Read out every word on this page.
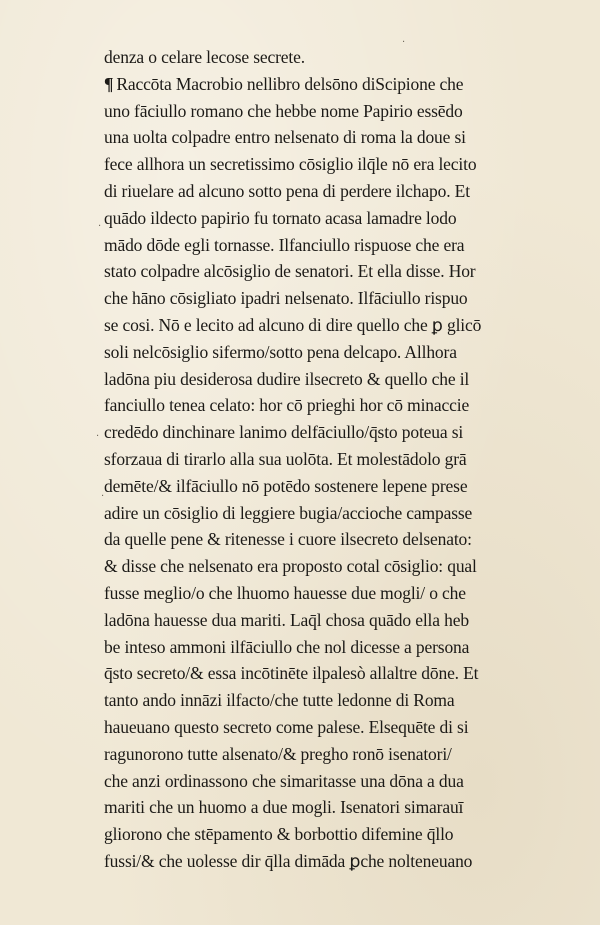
·
·
·
·
denza o celare lecose secrete.
¶ Raccōta Macrobio nellibro delsōno diScipione che
uno fāciullo romano che hebbe nome Papirio essēdo
una uolta colpadre entro nelsenato di roma la doue si
fece allhora un secretissimo cōsiglio ilq̄le nō era lecito
di riuelare ad alcuno sotto pena di perdere ilchapo. Et
quādo ildecto papirio fu tornato acasa lamadre lodo
mādo dōde egli tornasse. Ilfanciullo rispuose che era
stato colpadre alcōsiglio de senatori. Et ella disse. Hor
che hāno cōsigliato ipadri nelsenato. Ilfāciullo rispuo
se cosi. Nō e lecito ad alcuno di dire quello che ꝑ glicō
soli nelcōsiglio sifermo/sotto pena delcapo. Allhora
ladōna piu desiderosa dudire ilsecreto & quello che il
fanciullo tenea celato: hor cō prieghi hor cō minaccie
credēdo dinchinare lanimo delfāciullo/q̄sto poteua si
sforzaua di tirarlo alla sua uolōta. Et molestādolo grā
demēte/& ilfāciullo nō potēdo sostenere lepene prese
adire un cōsiglio di leggiere bugia/accioche campasse
da quelle pene & ritenesse i cuore ilsecreto delsenato:
& disse che nelsenato era proposto cotal cōsiglio: qual
fusse meglio/o che lhuomo hauesse due mogli/ o che
ladōna hauesse dua mariti. Laq̄l chosa quādo ella heb
be inteso ammoni ilfāciullo che nol dicesse a persona
q̄sto secreto/& essa incōtinēte ilpalesò allaltre dōne. Et
tanto ando innāzi ilfacto/che tutte ledonne di Roma
haueuano questo secreto come palese. Elsequēte di si
ragunorono tutte alsenato/& pregho ronō isenatori/
che anzi ordinassono che simaritasse una dōna a dua
mariti che un huomo a due mogli. Isenatori simarauī
gliorono che stēpamento & borbottio difemine q̄llo
fussi/& che uolesse dir q̄lla dimāda ꝑche nolteneuano
